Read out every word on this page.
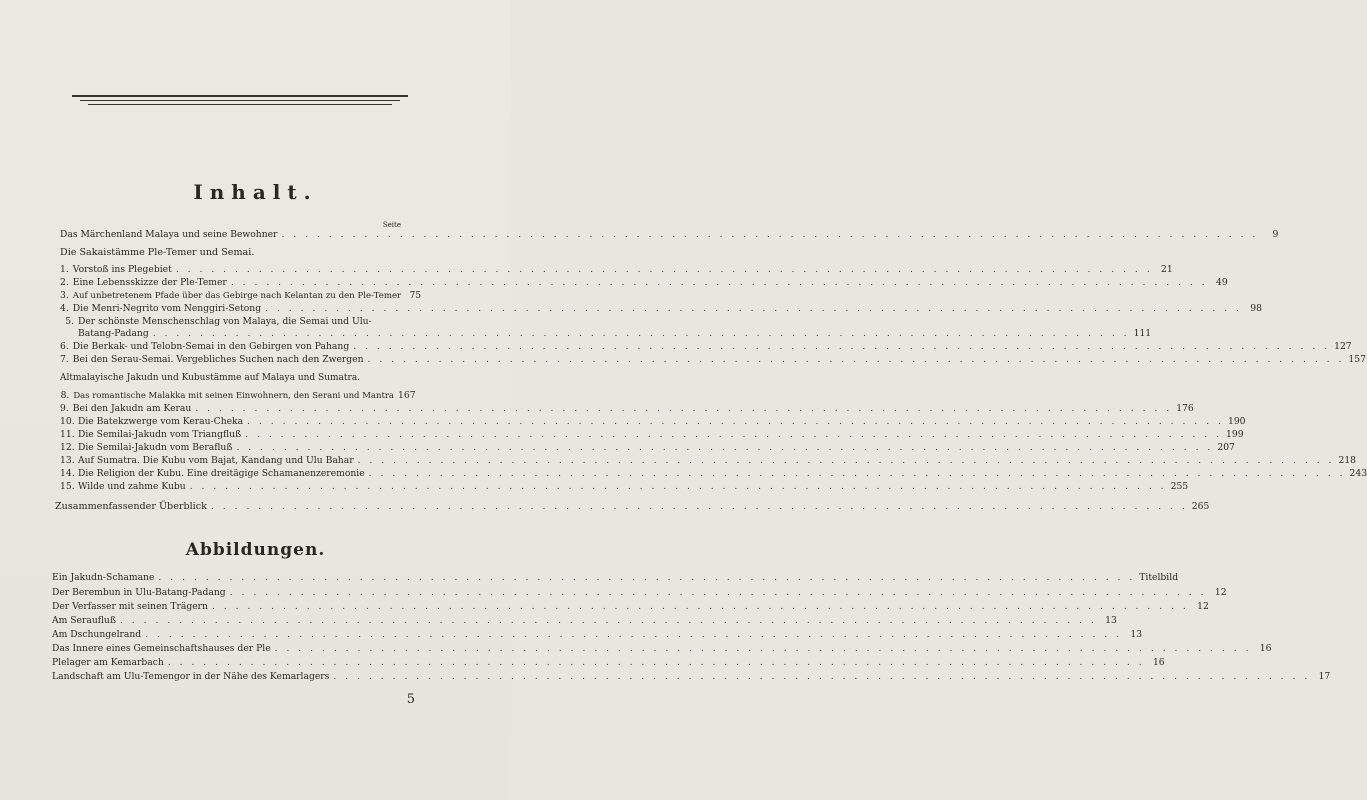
Inhalt.
Seite
Das Märchenland Malaya und seine Bewohner . . .	9
Die Sakaistämme Ple-Temer und Semai.
1. Vorstoß ins Plegebiet . . .	21
2. Eine Lebensskizze der Ple-Temer . . .	49
3. Auf unbetretenem Pfade über das Gebirge nach Kelantan zu den Ple-Temer 75
4. Die Menri-Negrito vom Nenggiri-Setong . . .	98
5. Der schönste Menschenschlag von Malaya, die Semai und Ulu-
Batang-Padang . . .	111
6. Die Berkak- und Telobn-Semai in den Gebirgen von Pahang . . .	127
7. Bei den Serau-Semai. Vergebliches Suchen nach den Zwergen . . .	157
Altmalayische Jakudn und Kubustämme auf Malaya und Sumatra.
8. Das romantische Malakka mit seinen Einwohnern, den Serani und Mantra 167
9. Bei den Jakudn am Kerau . . .	176
10. Die Batekzwerge vom Kerau-Cheka . . .	190
11. Die Semilai-Jakudn vom Triangfluß . . .	199
12. Die Semilai-Jakudn vom Berafluß . . .	207
13. Auf Sumatra. Die Kubu vom Bajat, Kandang und Ulu Bahar . . .	218
14. Die Religion der Kubu. Eine dreitägige Schamanenzeremonie . . .	243
15. Wilde und zahme Kubu . . .	255
Zusammenfassender Überblick . . .	265
Abbildungen.
Ein Jakudn-Schamane . . .	Titelbild
Der Berembun in Ulu-Batang-Padang . . .	12
Der Verfasser mit seinen Trägern . . .	12
Am Seraufluß . . .	13
Am Dschungelrand . . .	13
Das Innere eines Gemeinschaftshauses der Ple . . .	16
Plelager am Kemarbach . . .	16
Landschaft am Ulu-Temengor in der Nähe des Kemarlagers . . .	17
5
